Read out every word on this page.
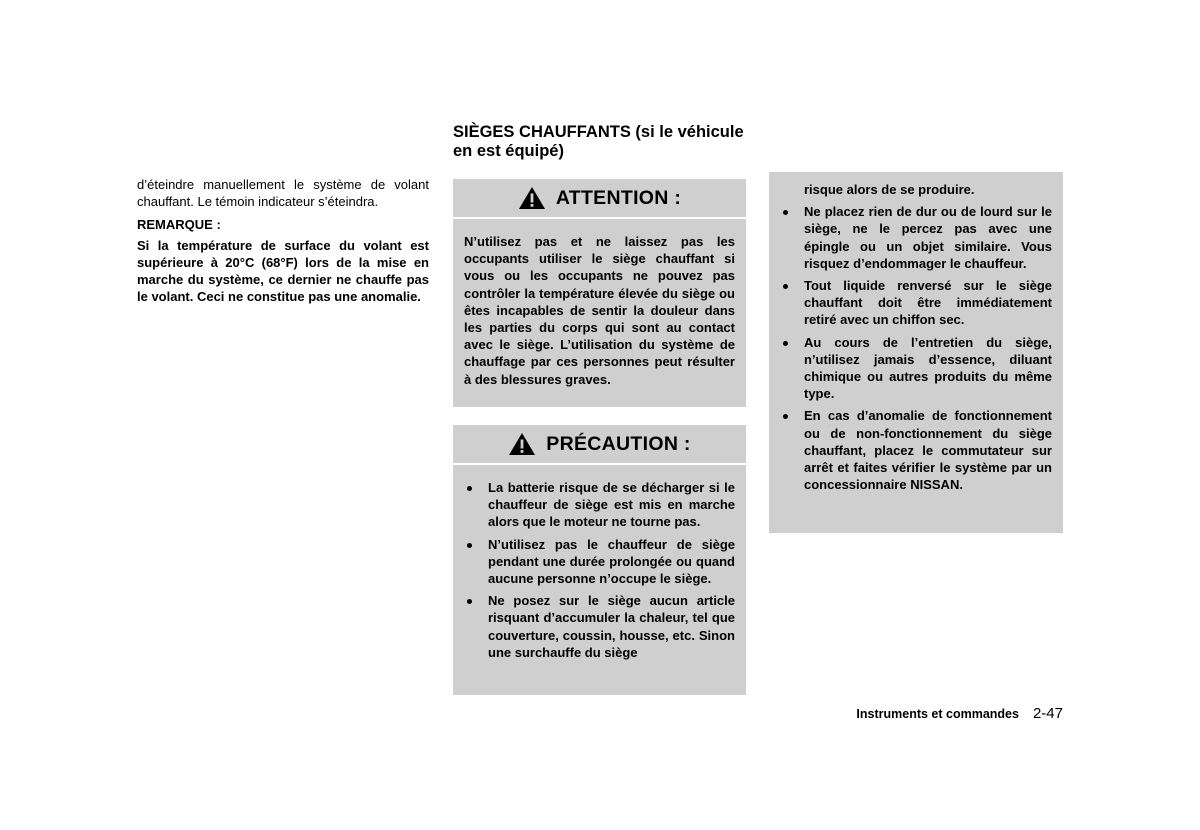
d’éteindre manuellement le système de volant chauffant. Le témoin indicateur s’éteindra.

REMARQUE :

Si la température de surface du volant est supérieure à 20°C (68°F) lors de la mise en marche du système, ce dernier ne chauffe pas le volant. Ceci ne constitue pas une anomalie.

SIÈGES CHAUFFANTS (si le véhicule en est équipé)
ATTENTION :

N’utilisez pas et ne laissez pas les occupants utiliser le siège chauffant si vous ou les occupants ne pouvez pas contrôler la température élevée du siège ou êtes incapables de sentir la douleur dans les parties du corps qui sont au contact avec le siège. L’utilisation du système de chauffage par ces personnes peut résulter à des blessures graves.

PRÉCAUTION :
La batterie risque de se décharger si le chauffeur de siège est mis en marche alors que le moteur ne tourne pas.
N’utilisez pas le chauffeur de siège pendant une durée prolongée ou quand aucune personne n’occupe le siège.
Ne posez sur le siège aucun article risquant d’accumuler la chaleur, tel que couverture, coussin, housse, etc. Sinon une surchauffe du siège

risque alors de se produire.

Ne placez rien de dur ou de lourd sur le siège, ne le percez pas avec une épingle ou un objet similaire. Vous risquez d’endommager le chauffeur.
Tout liquide renversé sur le siège chauffant doit être immédiatement retiré avec un chiffon sec.
Au cours de l’entretien du siège, n’utilisez jamais d’essence, diluant chimique ou autres produits du même type.
En cas d’anomalie de fonctionnement ou de non-fonctionnement du siège chauffant, placez le commutateur sur arrêt et faites vérifier le système par un concessionnaire NISSAN.
Instruments et commandes 2-47
